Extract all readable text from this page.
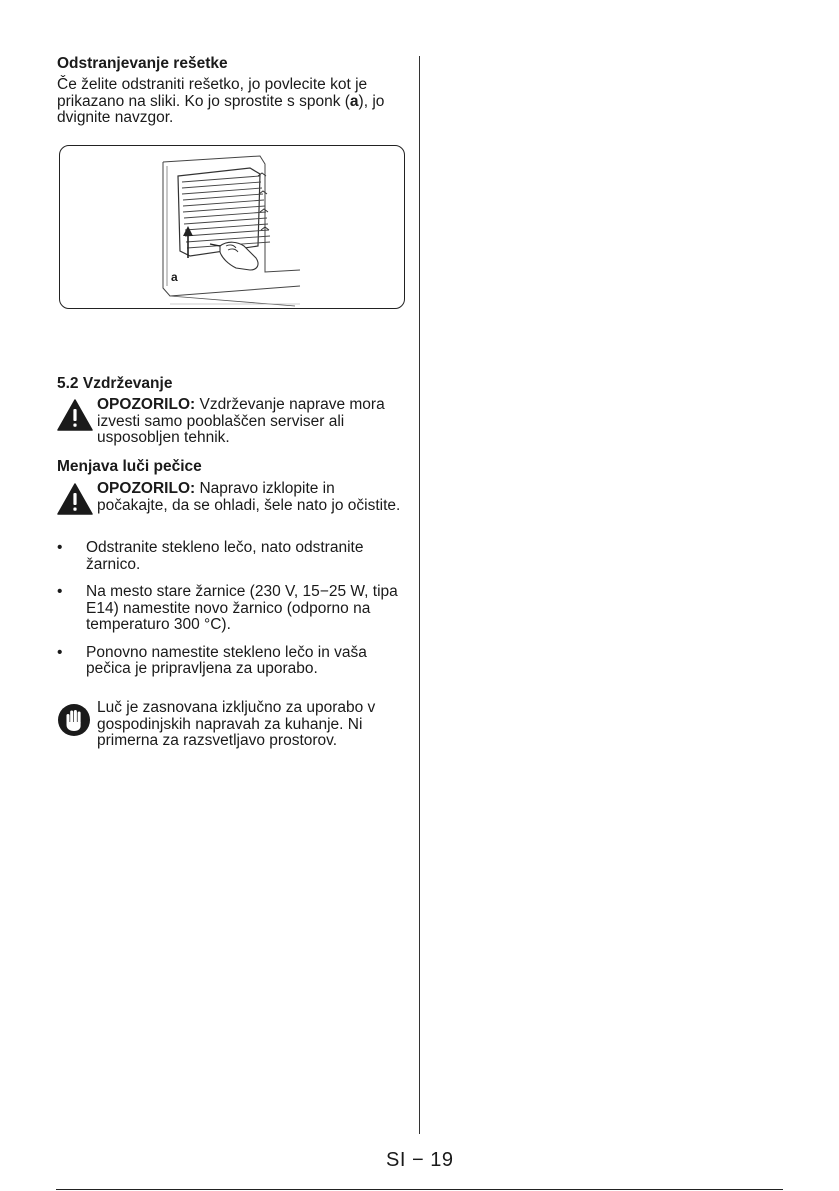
Odstranjevanje rešetke

Če želite odstraniti rešetko, jo povlecite kot je prikazano na sliki. Ko jo sprostite s sponk (a), jo dvignite navzgor.

a
5.2 Vzdrževanje
OPOZORILO: Vzdrževanje naprave mora izvesti samo pooblaščen serviser ali usposobljen tehnik.
Menjava luči pečice
OPOZORILO: Napravo izklopite in počakajte, da se ohladi, šele nato jo očistite.
•	Odstranite stekleno lečo, nato odstranite žarnico.
•	Na mesto stare žarnice (230 V, 15−25 W, tipa E14) namestite novo žarnico (odporno na temperaturo 300 °C).
•	Ponovno namestite stekleno lečo in vaša pečica je pripravljena za uporabo.
Luč je zasnovana izključno za uporabo v gospodinjskih napravah za kuhanje. Ni primerna za razsvetljavo prostorov.
SI − 19
